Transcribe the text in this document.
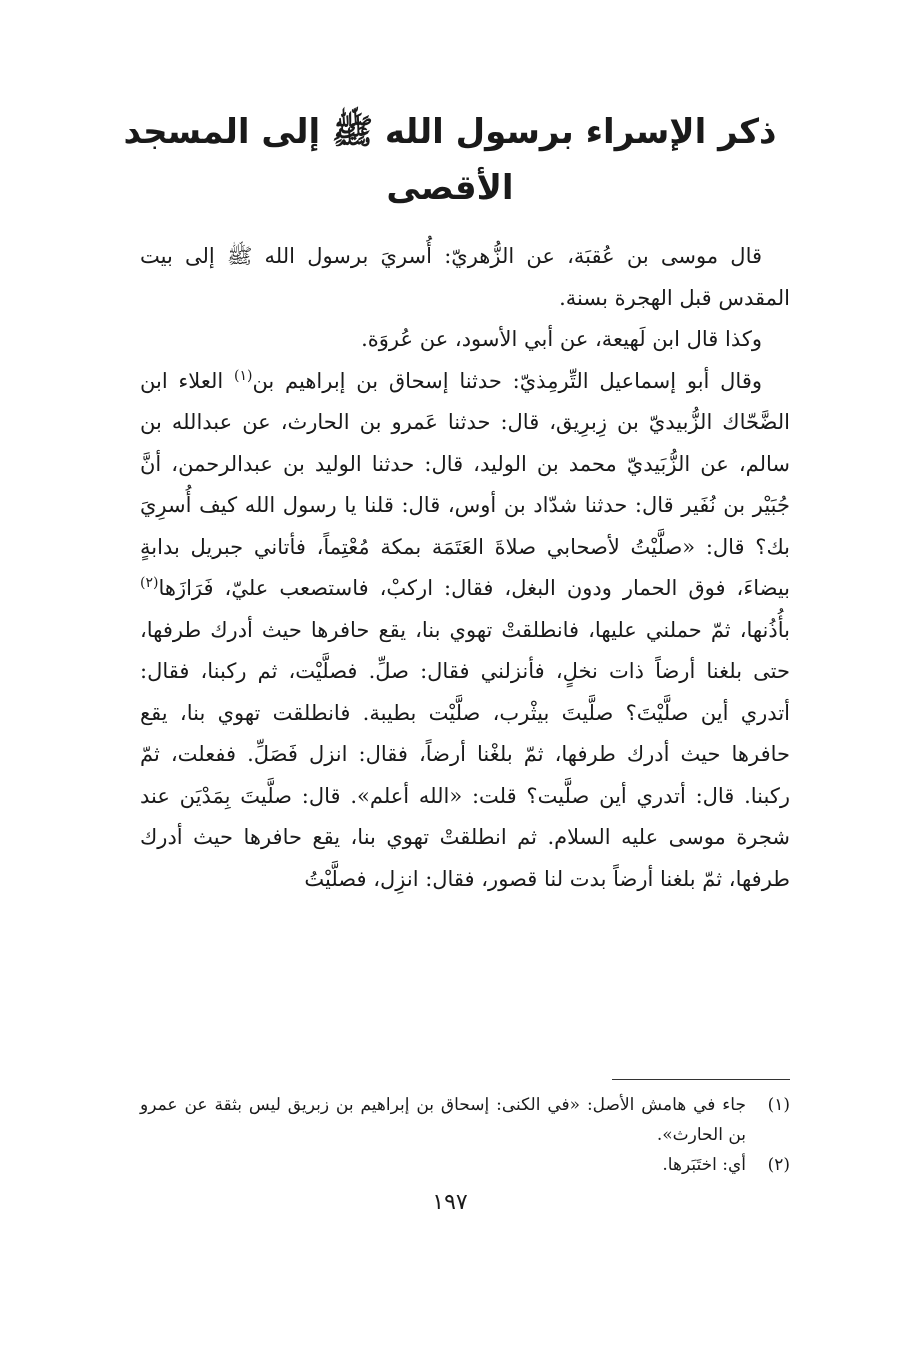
ذكر الإسراء برسول الله ﷺ إلى المسجد الأقصى

قال موسى بن عُقبَة، عن الزُّهريّ: أُسريَ برسول الله ﷺ إلى بيت المقدس قبل الهجرة بسنة.

وكذا قال ابن لَهيعة، عن أبي الأسود، عن عُروَة.

وقال أبو إسماعيل التِّرمِذيّ: حدثنا إسحاق بن إبراهيم بن$^{(١)}$ العلاء ابن الضَّحّاك الزُّبيديّ بن زِبرِيق، قال: حدثنا عَمرو بن الحارث، عن عبدالله بن سالم، عن الزُّبَيديّ محمد بن الوليد، قال: حدثنا الوليد بن عبدالرحمن، أنَّ جُبَيْر بن نُفَير قال: حدثنا شدّاد بن أوس، قال: قلنا يا رسول الله كيف أُسرِيَ بك؟ قال: «صلَّيْتُ لأصحابي صلاةَ العَتَمَة بمكة مُعْتِماً، فأتاني جبريل بدابةٍ بيضاءَ، فوق الحمار ودون البغل، فقال: اركبْ، فاستصعب عليّ، فَرَازَها$^{(٢)}$ بأُذُنها، ثمّ حملني عليها، فانطلقتْ تهوي بنا، يقع حافرها حيث أدرك طرفها، حتى بلغنا أرضاً ذات نخلٍ، فأنزلني فقال: صلِّ. فصلَّيْت، ثم ركبنا، فقال: أتدري أين صلَّيْتَ؟ صلَّيتَ بيثْرب، صلَّيْت بطيبة. فانطلقت تهوي بنا، يقع حافرها حيث أدرك طرفها، ثمّ بلغْنا أرضاً، فقال: انزل فَصَلِّ. ففعلت، ثمّ ركبنا. قال: أتدري أين صلَّيت؟ قلت: «الله أعلم». قال: صلَّيتَ بِمَدْيَن عند شجرة موسى عليه السلام. ثم انطلقتْ تهوي بنا، يقع حافرها حيث أدرك طرفها، ثمّ بلغنا أرضاً بدت لنا قصور، فقال: انزِل، فصلَّيْتُ

(١)
جاء في هامش الأصل: «في الكنى: إسحاق بن إبراهيم بن زبريق ليس بثقة عن عمرو بن الحارث».
(٢)
أي: اختَبَرها.
١٩٧
